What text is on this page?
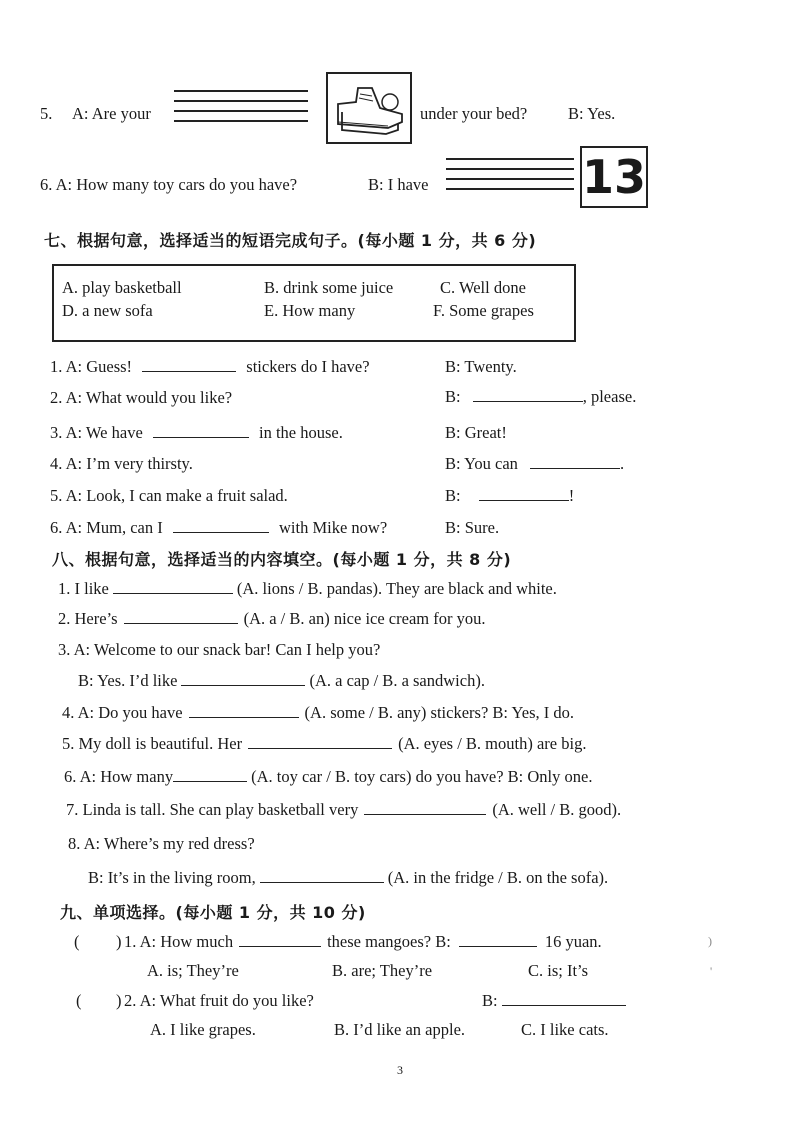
5. A: Are your	under your bed? B: Yes.
6. A: How many toy cars do you have?	B: I have	13
七、根据句意，选择适当的短语完成句子。(每小题 1 分，共 6 分)
A. play basketball	B. drink some juice	C. Well done
D. a new sofa	E. How many	F. Some grapes
1. A: Guess!	stickers do I have?	B: Twenty.
2. A: What would you like?	B:	, please.
3. A: We have	in the house.	B: Great!
4. A: I’m very thirsty.	B: You can	.
5. A: Look, I can make a fruit salad.	B:	!
6. A: Mum, can I	with Mike now?	B: Sure.
八、根据句意，选择适当的内容填空。(每小题 1 分，共 8 分)
1. I like	(A. lions / B. pandas). They are black and white.
2. Here’s	(A. a / B. an) nice ice cream for you.
3. A: Welcome to our snack bar! Can I help you?
B: Yes. I’d like	(A. a cap / B. a sandwich).
4. A: Do you have	(A. some / B. any) stickers? B: Yes, I do.
5. My doll is beautiful. Her	(A. eyes / B. mouth) are big.
6. A: How many	(A. toy car / B. toy cars) do you have? B: Only one.
7. Linda is tall. She can play basketball very	(A. well / B. good).
8. A: Where’s my red dress?
B: It’s in the living room,	(A. in the fridge / B. on the sofa).
九、单项选择。(每小题 1 分，共 10 分)
( ) 1. A: How much	these mangoes? B:	16 yuan.
A. is; They’re	B. are; They’re	C. is; It’s
( ) 2. A: What fruit do you like?	B:
A. I like grapes.	B. I’d like an apple.	C. I like cats.
)
'
3
